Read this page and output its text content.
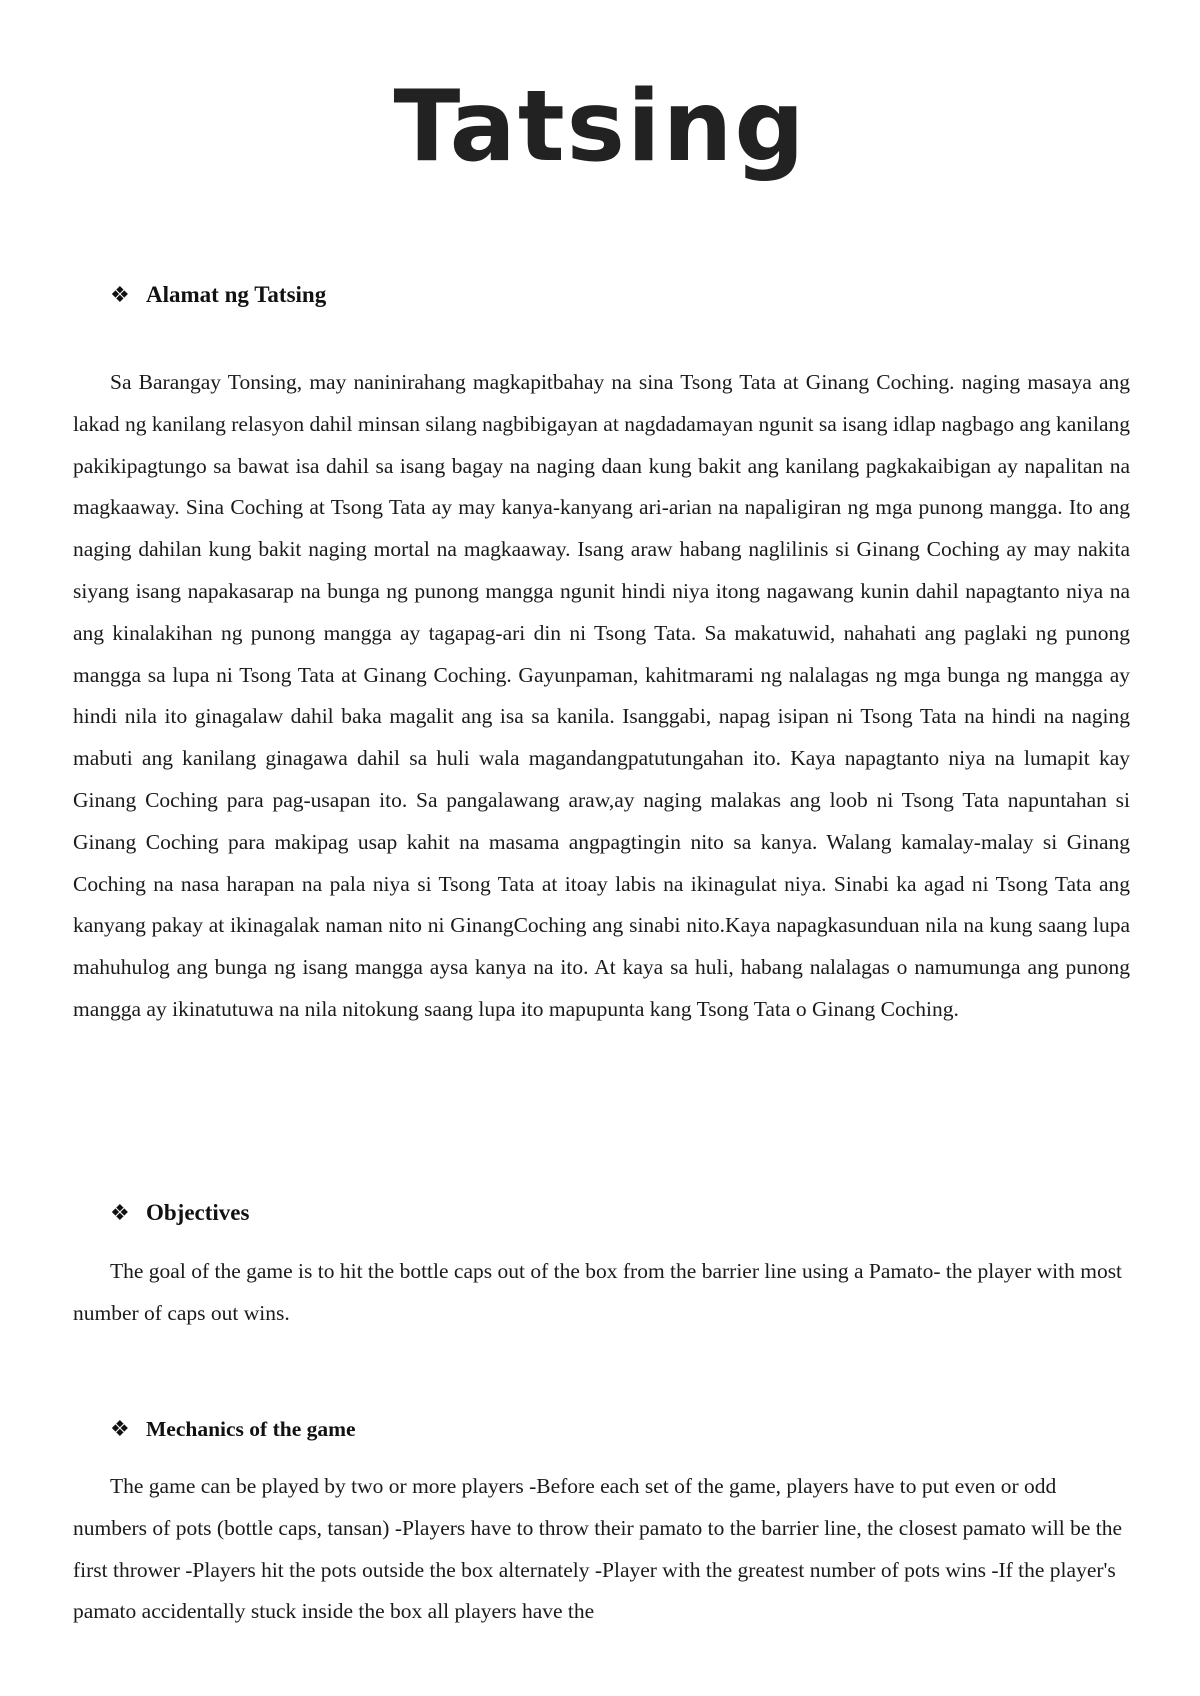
Tatsing
❖ Alamat ng Tatsing

Sa Barangay Tonsing, may naninirahang magkapitbahay na sina Tsong Tata at Ginang Coching. naging masaya ang lakad ng kanilang relasyon dahil minsan silang nagbibigayan at nagdadamayan ngunit sa isang idlap nagbago ang kanilang pakikipagtungo sa bawat isa dahil sa isang bagay na naging daan kung bakit ang kanilang pagkakaibigan ay napalitan na magkaaway. Sina Coching at Tsong Tata ay may kanya-kanyang ari-arian na napaligiran ng mga punong mangga. Ito ang naging dahilan kung bakit naging mortal na magkaaway. Isang araw habang naglilinis si Ginang Coching ay may nakita siyang isang napakasarap na bunga ng punong mangga ngunit hindi niya itong nagawang kunin dahil napagtanto niya na ang kinalakihan ng punong mangga ay tagapag-ari din ni Tsong Tata. Sa makatuwid, nahahati ang paglaki ng punong mangga sa lupa ni Tsong Tata at Ginang Coching. Gayunpaman, kahitmarami ng nalalagas ng mga bunga ng mangga ay hindi nila ito ginagalaw dahil baka magalit ang isa sa kanila. Isanggabi, napag isipan ni Tsong Tata na hindi na naging mabuti ang kanilang ginagawa dahil sa huli wala magandangpatutungahan ito. Kaya napagtanto niya na lumapit kay Ginang Coching para pag-usapan ito. Sa pangalawang araw,ay naging malakas ang loob ni Tsong Tata napuntahan si Ginang Coching para makipag usap kahit na masama angpagtingin nito sa kanya. Walang kamalay-malay si Ginang Coching na nasa harapan na pala niya si Tsong Tata at itoay labis na ikinagulat niya. Sinabi ka agad ni Tsong Tata ang kanyang pakay at ikinagalak naman nito ni GinangCoching ang sinabi nito.Kaya napagkasunduan nila na kung saang lupa mahuhulog ang bunga ng isang mangga aysa kanya na ito. At kaya sa huli, habang nalalagas o namumunga ang punong mangga ay ikinatutuwa na nila nitokung saang lupa ito mapupunta kang Tsong Tata o Ginang Coching.

❖ Objectives

The goal of the game is to hit the bottle caps out of the box from the barrier line using a Pamato- the player with most number of caps out wins.

❖ Mechanics of the game

The game can be played by two or more players -Before each set of the game, players have to put even or odd numbers of pots (bottle caps, tansan) -Players have to throw their pamato to the barrier line, the closest pamato will be the first thrower -Players hit the pots outside the box alternately -Player with the greatest number of pots wins -If the player's pamato accidentally stuck inside the box all players have the
